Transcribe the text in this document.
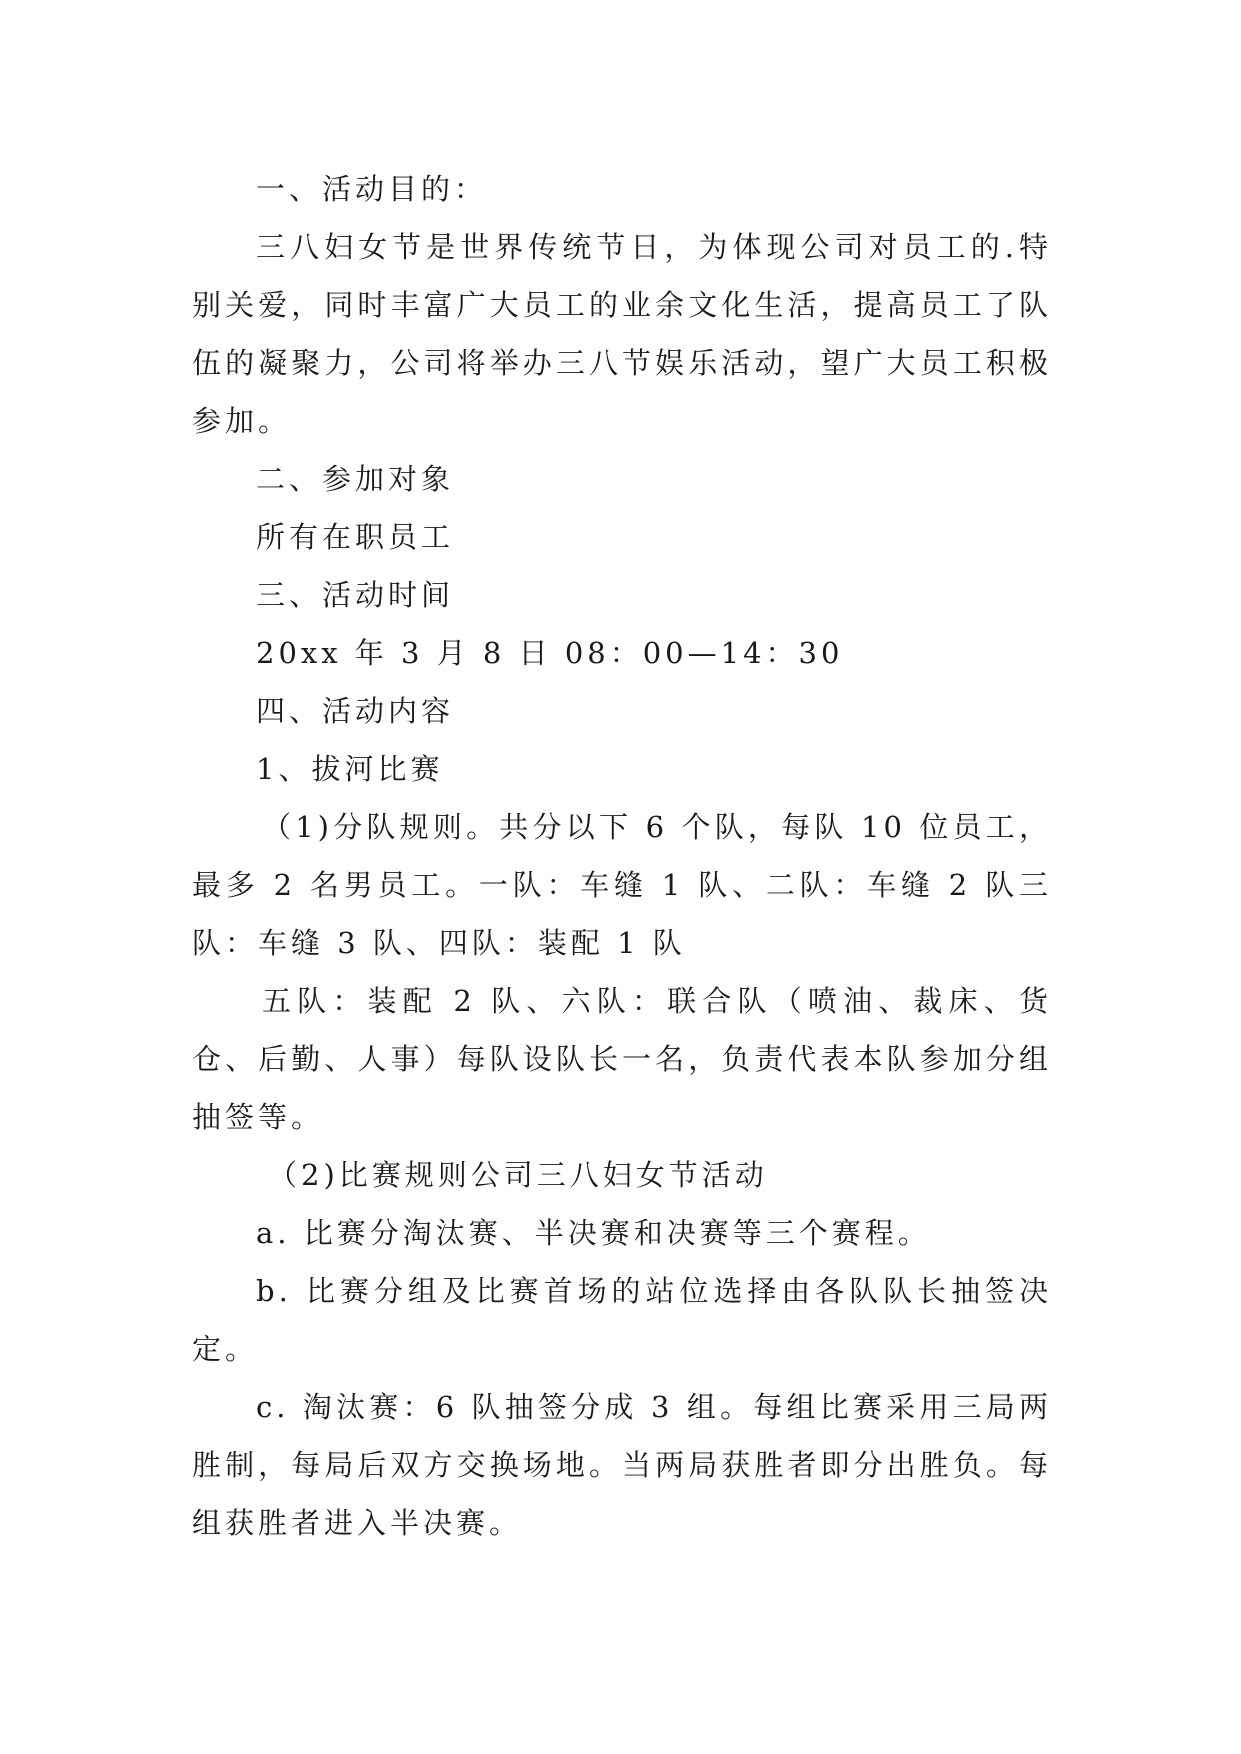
一、活动目的：

三八妇女节是世界传统节日，为体现公司对员工的.特别关爱，同时丰富广大员工的业余文化生活，提高员工了队伍的凝聚力，公司将举办三八节娱乐活动，望广大员工积极参加。

二、参加对象

所有在职员工

三、活动时间

20xx 年 3 月 8 日 08：00—14：30

四、活动内容

1、拔河比赛

（1)分队规则。共分以下 6 个队，每队 10 位员工，最多 2 名男员工。一队：车缝 1 队、二队：车缝 2 队三队：车缝 3 队、四队：装配 1 队

五队：装配 2 队、六队：联合队（喷油、裁床、货仓、后勤、人事）每队设队长一名，负责代表本队参加分组抽签等。

（2)比赛规则公司三八妇女节活动

a. 比赛分淘汰赛、半决赛和决赛等三个赛程。

b. 比赛分组及比赛首场的站位选择由各队队长抽签决定。

c. 淘汰赛：6 队抽签分成 3 组。每组比赛采用三局两胜制，每局后双方交换场地。当两局获胜者即分出胜负。每组获胜者进入半决赛。
